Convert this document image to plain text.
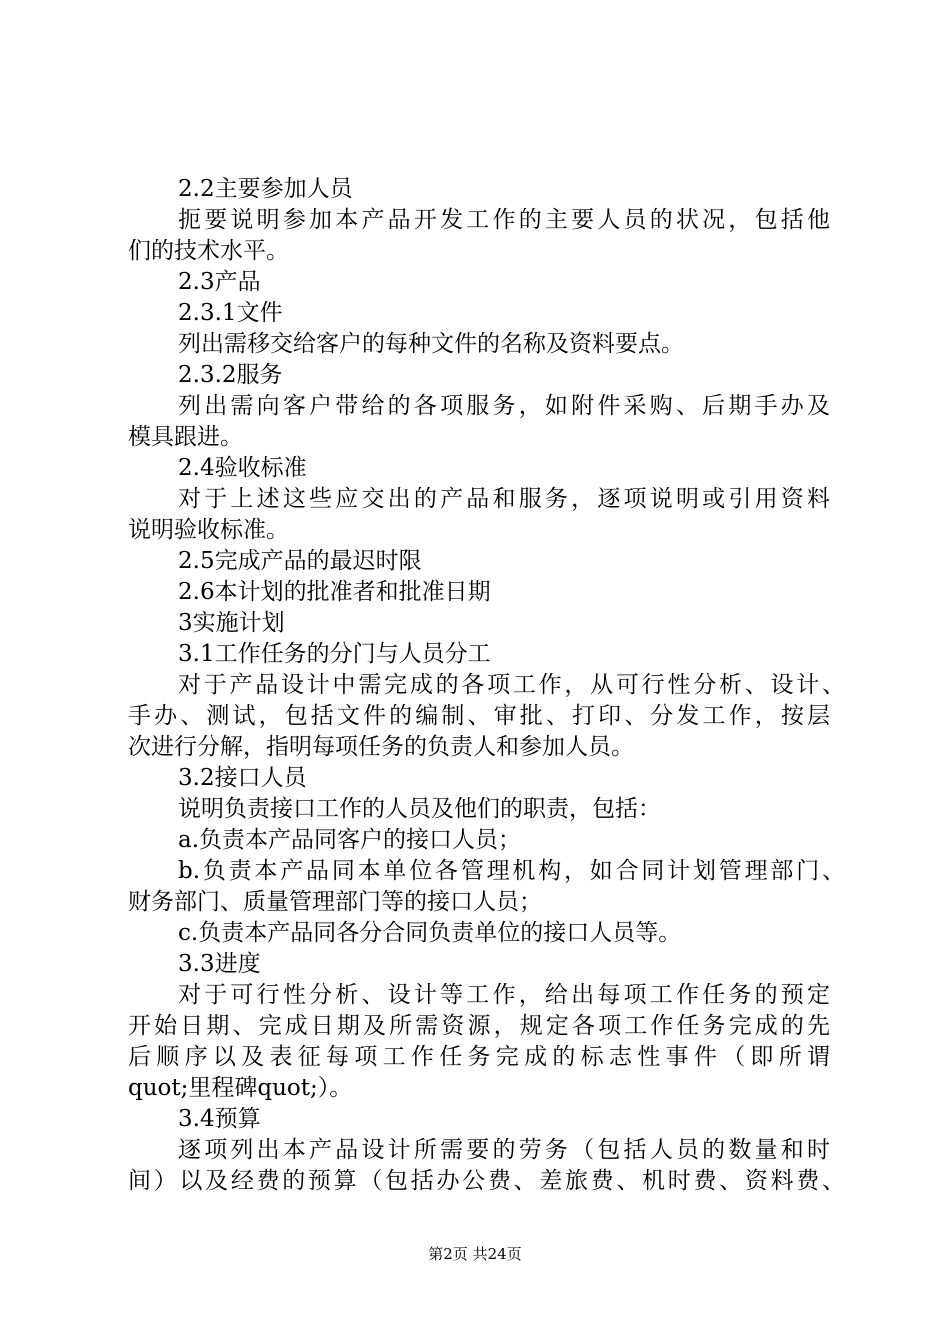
2.2主要参加人员
扼要说明参加本产品开发工作的主要人员的状况，包括他
们的技术水平。
2.3产品
2.3.1文件
列出需移交给客户的每种文件的名称及资料要点。
2.3.2服务
列出需向客户带给的各项服务，如附件采购、后期手办及
模具跟进。
2.4验收标准
对于上述这些应交出的产品和服务，逐项说明或引用资料
说明验收标准。
2.5完成产品的最迟时限
2.6本计划的批准者和批准日期
3实施计划
3.1工作任务的分门与人员分工
对于产品设计中需完成的各项工作，从可行性分析、设计、
手办、测试，包括文件的编制、审批、打印、分发工作，按层
次进行分解，指明每项任务的负责人和参加人员。
3.2接口人员
说明负责接口工作的人员及他们的职责，包括：
a.负责本产品同客户的接口人员；
b.负责本产品同本单位各管理机构，如合同计划管理部门、
财务部门、质量管理部门等的接口人员；
c.负责本产品同各分合同负责单位的接口人员等。
3.3进度
对于可行性分析、设计等工作，给出每项工作任务的预定
开始日期、完成日期及所需资源，规定各项工作任务完成的先
后顺序以及表征每项工作任务完成的标志性事件（即所谓
quot;里程碑quot;）。
3.4预算
逐项列出本产品设计所需要的劳务（包括人员的数量和时
间）以及经费的预算（包括办公费、差旅费、机时费、资料费、
第2页 共24页
